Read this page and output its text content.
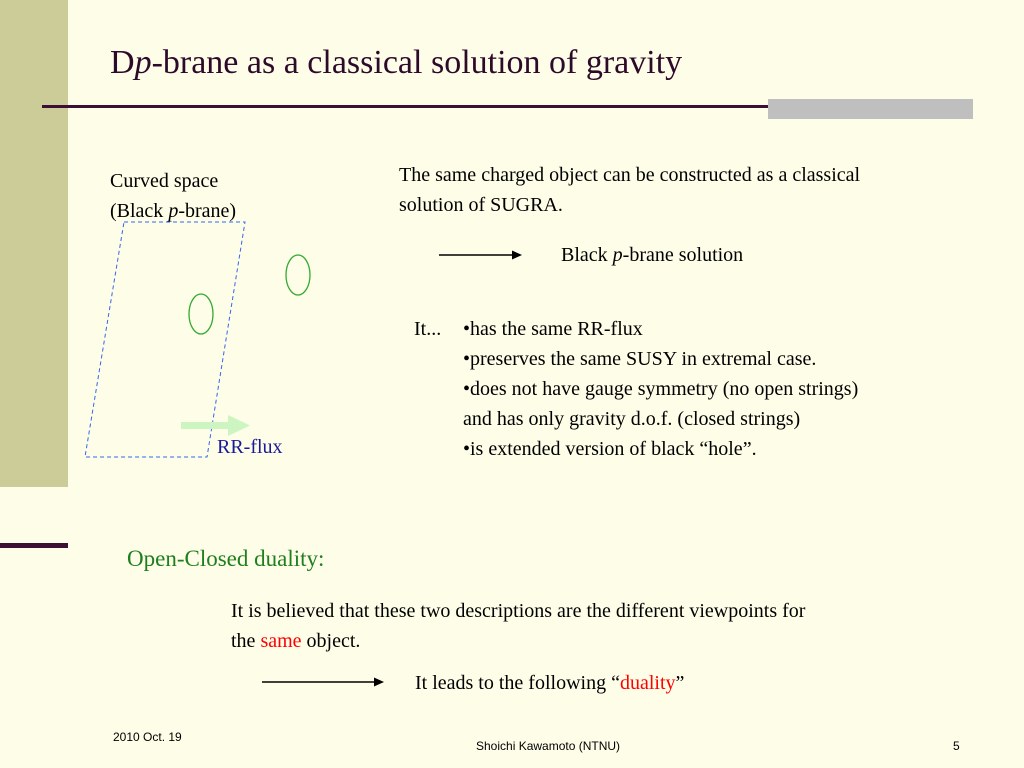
Dp-brane as a classical solution of gravity
Curved space
(Black p-brane)
RR-flux
The same charged object can be constructed as a classical
solution of SUGRA.
Black p-brane solution
It... •has the same RR-flux
•preserves the same SUSY in extremal case.
•does not have gauge symmetry (no open strings)
and has only gravity d.o.f. (closed strings)
•is extended version of black “hole”.
Open-Closed duality:
It is believed that these two descriptions are the different viewpoints for
the same object.
It leads to the following “duality”
2010 Oct. 19
Shoichi Kawamoto (NTNU)	5
